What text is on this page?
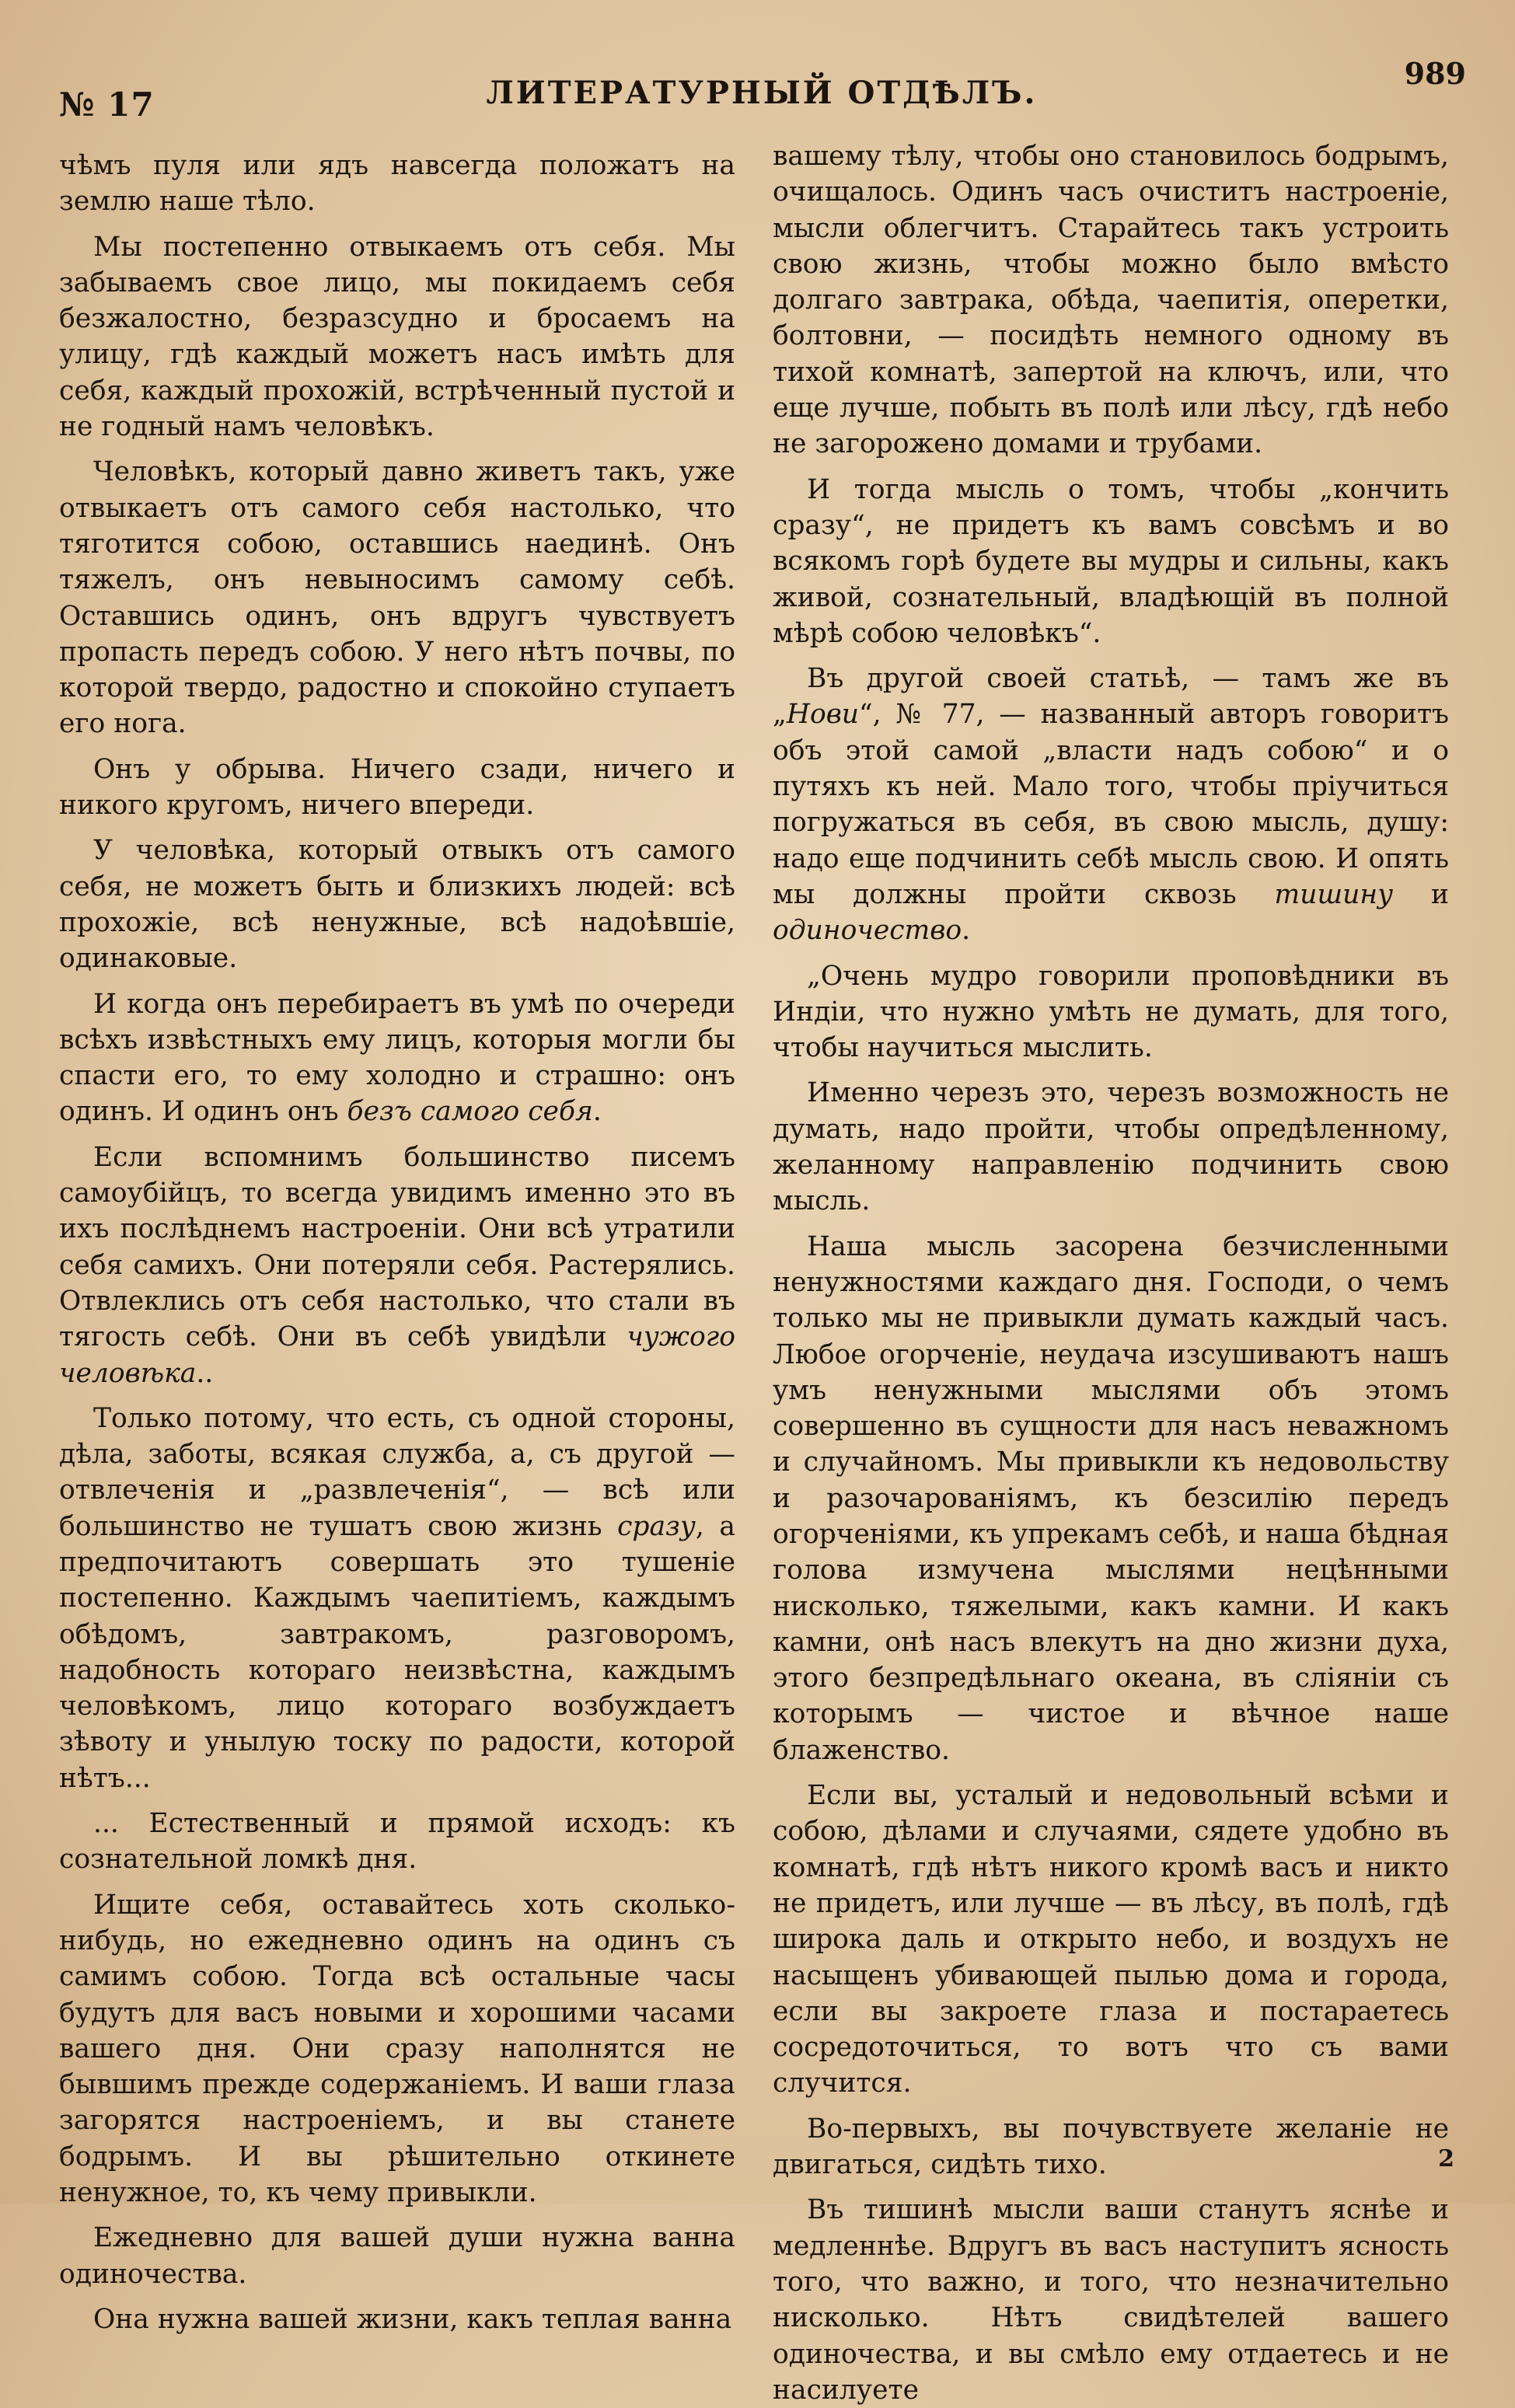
№ 17	ЛИТЕРАТУРНЫЙ ОТДѢЛЪ.
989

чѣмъ пуля или ядъ навсегда положатъ на землю наше тѣло.

Мы постепенно отвыкаемъ отъ себя. Мы забываемъ свое лицо, мы покидаемъ себя безжалостно, безразсудно и бросаемъ на улицу, гдѣ каждый можетъ насъ имѣть для себя, каждый прохожій, встрѣченный пустой и не годный намъ человѣкъ.

Человѣкъ, который давно живетъ такъ, уже отвыкаетъ отъ самого себя настолько, что тяготится собою, оставшись наединѣ. Онъ тяжелъ, онъ невыносимъ самому себѣ. Оставшись одинъ, онъ вдругъ чувствуетъ пропасть передъ собою. У него нѣтъ почвы, по которой твердо, радостно и спокойно ступаетъ его нога.

Онъ у обрыва. Ничего сзади, ничего и никого кругомъ, ничего впереди.

У человѣка, который отвыкъ отъ самого себя, не можетъ быть и близкихъ людей: всѣ прохожіе, всѣ ненужные, всѣ надоѣвшіе, одинаковые.

И когда онъ перебираетъ въ умѣ по очереди всѣхъ извѣстныхъ ему лицъ, которыя могли бы спасти его, то ему холодно и страшно: онъ одинъ. И одинъ онъ безъ самого себя.

Если вспомнимъ большинство писемъ самоубійцъ, то всегда увидимъ именно это въ ихъ послѣднемъ настроеніи. Они всѣ утратили себя самихъ. Они потеряли себя. Растерялись. Отвлеклись отъ себя настолько, что стали въ тягость себѣ. Они въ себѣ увидѣли чужого человѣка..

Только потому, что есть, съ одной стороны, дѣла, заботы, всякая служба, а, съ другой — отвлеченія и „развлеченія“, — всѣ или большинство не тушатъ свою жизнь сразу, а предпочитаютъ совершать это тушеніе постепенно. Каждымъ чаепитіемъ, каждымъ обѣдомъ, завтракомъ, разговоромъ, надобность котораго неизвѣстна, каждымъ человѣкомъ, лицо котораго возбуждаетъ зѣвоту и унылую тоску по радости, которой нѣтъ...

... Естественный и прямой исходъ: къ сознательной ломкѣ дня.

Ищите себя, оставайтесь хоть сколько-нибудь, но ежедневно одинъ на одинъ съ самимъ собою. Тогда всѣ остальные часы будутъ для васъ новыми и хорошими часами вашего дня. Они сразу наполнятся не бывшимъ прежде содержаніемъ. И ваши глаза загорятся настроеніемъ, и вы станете бодрымъ. И вы рѣшительно откинете ненужное, то, къ чему привыкли.

Ежедневно для вашей души нужна ванна одиночества.

Она нужна вашей жизни, какъ теплая ванна

вашему тѣлу, чтобы оно становилось бодрымъ, очищалось. Одинъ часъ очиститъ настроеніе, мысли облегчитъ. Старайтесь такъ устроить свою жизнь, чтобы можно было вмѣсто долгаго завтрака, обѣда, чаепитія, оперетки, болтовни, — посидѣть немного одному въ тихой комнатѣ, запертой на ключъ, или, что еще лучше, побыть въ полѣ или лѣсу, гдѣ небо не загорожено домами и трубами.

И тогда мысль о томъ, чтобы „кончить сразу“, не придетъ къ вамъ совсѣмъ и во всякомъ горѣ будете вы мудры и сильны, какъ живой, сознательный, владѣющій въ полной мѣрѣ собою человѣкъ“.

Въ другой своей статьѣ, — тамъ же въ „Нови“, № 77, — названный авторъ говоритъ объ этой самой „власти надъ собою“ и о путяхъ къ ней. Мало того, чтобы пріучиться погружаться въ себя, въ свою мысль, душу: надо еще подчинить себѣ мысль свою. И опять мы должны пройти сквозь тишину и одиночество.

„Очень мудро говорили проповѣдники въ Индіи, что нужно умѣть не думать, для того, чтобы научиться мыслить.

Именно черезъ это, черезъ возможность не думать, надо пройти, чтобы опредѣленному, желанному направленію подчинить свою мысль.

Наша мысль засорена безчисленными ненужностями каждаго дня. Господи, о чемъ только мы не привыкли думать каждый часъ. Любое огорченіе, неудача изсушиваютъ нашъ умъ ненужными мыслями объ этомъ совершенно въ сущности для насъ неважномъ и случайномъ. Мы привыкли къ недовольству и разочарованіямъ, къ безсилію передъ огорченіями, къ упрекамъ себѣ, и наша бѣдная голова измучена мыслями нецѣнными нисколько, тяжелыми, какъ камни. И какъ камни, онѣ насъ влекутъ на дно жизни духа, этого безпредѣльнаго океана, въ сліяніи съ которымъ — чистое и вѣчное наше блаженство.

Если вы, усталый и недовольный всѣми и собою, дѣлами и случаями, сядете удобно въ комнатѣ, гдѣ нѣтъ никого кромѣ васъ и никто не придетъ, или лучше — въ лѣсу, въ полѣ, гдѣ широка даль и открыто небо, и воздухъ не насыщенъ убивающей пылью дома и города, если вы закроете глаза и постараетесь сосредоточиться, то вотъ что съ вами случится.

Во-первыхъ, вы почувствуете желаніе не двигаться, сидѣть тихо.

Въ тишинѣ мысли ваши станутъ яснѣе и медленнѣе. Вдругъ въ васъ наступитъ ясность того, что важно, и того, что незначительно нисколько. Нѣтъ свидѣтелей вашего одиночества, и вы смѣло ему отдаетесь и не насилуете

2
